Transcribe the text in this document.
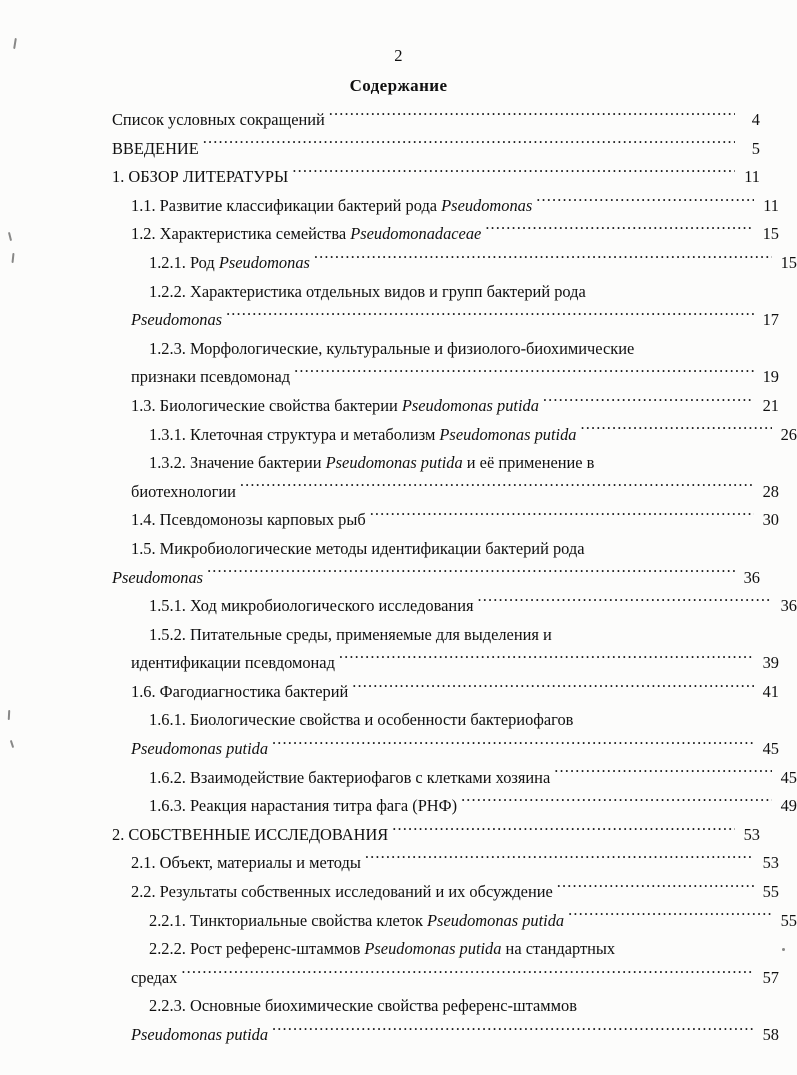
2
Содержание
Список условных сокращений .....	4
ВВЕДЕНИЕ .....	5
1. ОБЗОР ЛИТЕРАТУРЫ .....	11
1.1. Развитие классификации бактерий рода Pseudomonas .....	11
1.2. Характеристика семейства Pseudomonadaceae .....	15
1.2.1. Род Pseudomonas .....	15
1.2.2. Характеристика отдельных видов и групп бактерий рода
Pseudomonas .....	17
1.2.3. Морфологические, культуральные и физиолого-биохимические
признаки псевдомонад .....	19
1.3. Биологические свойства бактерии Pseudomonas putida .....	21
1.3.1. Клеточная структура и метаболизм Pseudomonas putida .....	26
1.3.2. Значение бактерии Pseudomonas putida и её применение в
биотехнологии .....	28
1.4. Псевдомонозы карповых рыб .....	30
1.5. Микробиологические методы идентификации бактерий рода
Pseudomonas .....	36
1.5.1. Ход микробиологического исследования .....	36
1.5.2. Питательные среды, применяемые для выделения и
идентификации псевдомонад .....	39
1.6. Фагодиагностика бактерий .....	41
1.6.1. Биологические свойства и особенности бактериофагов
Pseudomonas putida .....	45
1.6.2. Взаимодействие бактериофагов с клетками хозяина .....	45
1.6.3. Реакция нарастания титра фага (РНФ) .....	49
2. СОБСТВЕННЫЕ ИССЛЕДОВАНИЯ .....	53
2.1. Объект, материалы и методы .....	53
2.2. Результаты собственных исследований и их обсуждение .....	55
2.2.1. Тинкториальные свойства клеток Pseudomonas putida .....	55
2.2.2. Рост референс-штаммов Pseudomonas putida на стандартных
средах .....	57
2.2.3. Основные биохимические свойства референс-штаммов
Pseudomonas putida .....	58
